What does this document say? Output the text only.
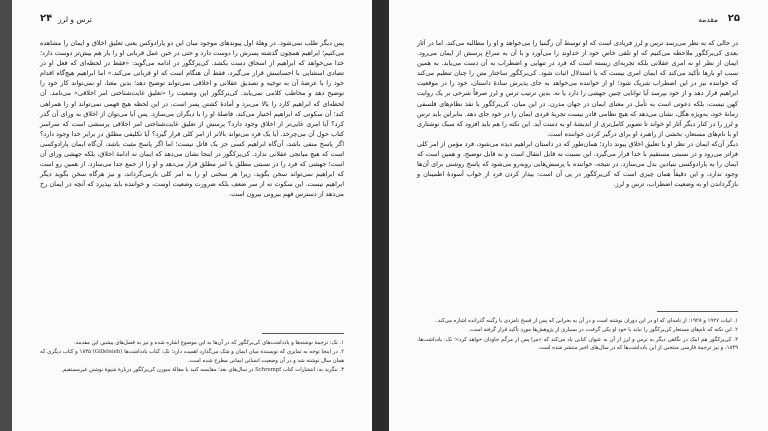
۲۴ ترس و لرز

پس دیگر طلب نمی‌شود. در وهلهٔ اول پیوندهای موجود میان این دو پارادوکس یعنی تعلیق اخلاق و ایمان را مشاهده می‌کنیم؛ ابراهیم همچون گذشته پسرش را دوست دارد و حتی در حین عمل قربانی او را باز هم بیش‌تر دوست دارد؛ خدا می‌خواهد که ابراهیم از اسحاق دست بکشد. کی‌یرکگور در ادامه می‌گوید: «فقط در لحظه‌ای که فعل او در تضادی استثنایی با احساسش قرار می‌گیرد، فقط آن هنگام است که او قربانی می‌کند.» اما ابراهیم هیچ‌گاه اقدام خود را با عرضهٔ آن به توجیه و تصدیق عقلانی و اخلاقی نمی‌تواند توضیح دهد؛ بدین معنا، او نمی‌تواند کار خود را توضیح دهد و مخاطب کلامی نمی‌یابد. کی‌یرکگور این وضعیت را «تعلیق غایت‌شناختی امر اخلاقی» می‌نامد. آن لحظه‌ای که ابراهیم کارد را بالا می‌برد و آمادهٔ کشتن پسر است، در این لحظه هیچ فهمی نمی‌تواند او را همراهی کند؛ آن سکوتی که ابراهیم اختیار می‌کند، فاصلهٔ او را با دیگران می‌سازد. پس آیا می‌توان از اخلاق به ورای آن گذر کرد؟ آیا امری غایی‌تر از اخلاق وجود دارد؟ پرسش از تعلیق غایت‌شناختی امر اخلاقی پرسشی است که سراسر کتاب حول آن می‌چرخد. آیا یک فرد می‌تواند بالاتر از امر کلی قرار گیرد؟ آیا تکلیفی مطلق در برابر خدا وجود دارد؟ اگر پاسخ منفی باشد، آن‌گاه ابراهیم کسی جز یک قاتل نیست؛ اما اگر پاسخ مثبت باشد، آن‌گاه ایمان پارادوکسی است که هیچ میانجی عقلانی ندارد. کی‌یرکگور در اینجا نشان می‌دهد که ایمان نه ادامهٔ اخلاق، بلکه جهشی ورای آن است؛ جهشی که فرد را در نسبتی مطلق با امر مطلق قرار می‌دهد و او را از جمع جدا می‌سازد. از همین رو است که ابراهیم نمی‌تواند سخن بگوید، زیرا هر سخنی او را به امر کلی بازمی‌گرداند، و نیز هرگاه سخن بگوید دیگر ابراهیم نیست. این سکوت نه از سر ضعف بلکه ضرورت وضعیت اوست، و خواننده باید بپذیرد که آنچه در ایمان رخ می‌دهد از دسترس فهم بیرونی بیرون است.

۱. نک: ترجمهٔ نوشته‌ها و یادداشت‌های کی‌یرکگور که در آن‌ها به این موضوع اشاره شده و نیز به فصل‌های پیشین این مقدمه.

۲. در اینجا توجه به تمایزی که نویسنده میان ایمان و شک می‌گذارد اهمیت دارد؛ نک: کتاب یادداشت‌ها (Gilleleieh) ۱۸۳۵ و کتاب دیگری که همان سال نوشته شد و در آن وضعیت انسانی ایمانی مطرح شده است.

۳. بنگرید به: انتشارات کتاب Schrempf در سال‌های بعد؛ مقایسه کنید با مقالهٔ سورن کی‌یرکگور دربارهٔ شیوهٔ نوشتن غیرمستقیم.

۲۵
مقدمه

در حالی که به نظر می‌رسد ترس و لرز فریادی است که او توسط آن رگبنیا را می‌خواهد و او را مطالبه می‌کند. اما در آثار بعدی کی‌یرکگور ملاحظه می‌کنیم که او تلقی خاص خود از خداوند را می‌آورد و با آن به سراغ پرسش از ایمان می‌رود. ایمان از نظر او نه امری عقلانی بلکه تجربه‌ای زیسته است که فرد در تنهایی و اضطراب به آن دست می‌یابد. به همین سبب او بارها تأکید می‌کند که ایمان امری نیست که با استدلال اثبات شود. کی‌یرکگور ساختار متن را چنان تنظیم می‌کند که خواننده نیز در این اضطراب شریک شود؛ او از خواننده می‌خواهد به جای پذیرش سادهٔ داستان، خود را در موقعیت ابراهیم قرار دهد و از خود بپرسد آیا توانایی چنین جهشی را دارد یا نه. بدین ترتیب ترس و لرز صرفاً شرحی بر یک روایت کهن نیست، بلکه دعوتی است به تأمل در معنای ایمان در جهان مدرن. در این میان، کی‌یرکگور با نقد نظام‌های فلسفی زمانهٔ خود، به‌ویژه هگل، نشان می‌دهد که هیچ نظامی قادر نیست تجربهٔ فردی ایمان را در خود جای دهد. بنابراین باید ترس و لرز را در کنار دیگر آثار او خواند تا تصویر کامل‌تری از اندیشهٔ او به دست آید. این نکته را هم باید افزود که سبک نوشتاری او با نام‌های مستعار، بخشی از راهبرد او برای درگیر کردن خواننده است.

دیگر آن‌که ایمان در نظر او با تعلیق اخلاق پیوند دارد؛ همان‌طور که در داستان ابراهیم دیده می‌شود، فرد مؤمن از امر کلی فراتر می‌رود و در نسبتی مستقیم با خدا قرار می‌گیرد. این نسبت نه قابل انتقال است و نه قابل توضیح، و همین است که ایمان را به پارادوکسی بنیادین بدل می‌سازد. در نتیجه، خواننده با پرسش‌هایی روبه‌رو می‌شود که پاسخ روشنی برای آن‌ها وجود ندارد، و این دقیقاً همان چیزی است که کی‌یرکگور در پی آن است: بیدار کردن فرد از خواب آسودهٔ اطمینان و بازگرداندن او به وضعیت اضطراب، ترس و لرز.

۱. ابیات ۱۹۲۷ و ۱۹۲۸: از نامه‌ای که او در این دوران نوشته است و در آن به بحرانی که پس از فسخ نامزدی با رگینه گذرانده اشاره می‌کند.

۲. این نکته که نام‌های مستعار کی‌یرکگور را نباید با خود او یکی گرفت، در بسیاری از پژوهش‌ها مورد تأکید قرار گرفته است.

۳. کی‌یرکگور هم اینک در نگاهی دیگر به ترس و لرز از آن به عنوان کتابی یاد می‌کند که «مرا پس از مرگم جاودان خواهد کرد»؛ نک: یادداشت‌ها، ۱۸۴۹، و نیز ترجمهٔ فارسی منتخبی از این یادداشت‌ها که در سال‌های اخیر منتشر شده است.
